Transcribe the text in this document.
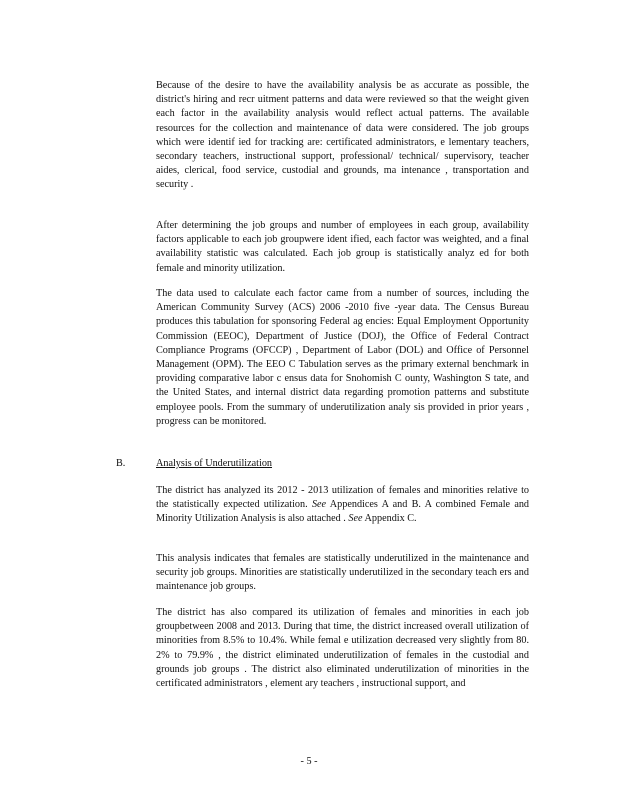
Because of the desire to have the availability analysis be as accurate as possible, the district's hiring and recr uitment patterns and data were reviewed so that the weight given each factor in the availability analysis would reflect actual patterns. The available resources for the collection and maintenance of data were considered. The job groups which were identif ied for tracking are: certificated administrators, e lementary teachers, secondary teachers, instructional support, professional/ technical/ supervisory, teacher aides, clerical, food service, custodial and grounds, ma intenance , transportation and security .

After determining the job groups and number of employees in each group, availability factors applicable to each job groupwere ident ified, each factor was weighted, and a final availability statistic was calculated. Each job group is statistically analyz ed for both female and minority utilization.

The data used to calculate each factor came from a number of sources, including the American Community Survey (ACS) 2006 -2010 five -year data. The Census Bureau produces this tabulation for sponsoring Federal ag encies: Equal Employment Opportunity Commission (EEOC), Department of Justice (DOJ), the Office of Federal Contract Compliance Programs (OFCCP) , Department of Labor (DOL) and Office of Personnel Management (OPM). The EEO C Tabulation serves as the primary external benchmark in providing comparative labor c ensus data for Snohomish C ounty, Washington S tate, and the United States, and internal district data regarding promotion patterns and substitute employee pools. From the summary of underutilization analy sis provided in prior years , progress can be monitored.

B.	Analysis of Underutilization

The district has analyzed its 2012 - 2013 utilization of females and minorities relative to the statistically expected utilization. See Appendices A and B. A combined Female and Minority Utilization Analysis is also attached . See Appendix C.

This analysis indicates that females are statistically underutilized in the maintenance and security job groups. Minorities are statistically underutilized in the secondary teach ers and maintenance job groups.

The district has also compared its utilization of females and minorities in each job groupbetween 2008 and 2013. During that time, the district increased overall utilization of minorities from 8.5% to 10.4%. While femal e utilization decreased very slightly from 80. 2% to 79.9% , the district eliminated underutilization of females in the custodial and grounds job groups . The district also eliminated underutilization of minorities in the certificated administrators , element ary teachers , instructional support, and

- 5 -
